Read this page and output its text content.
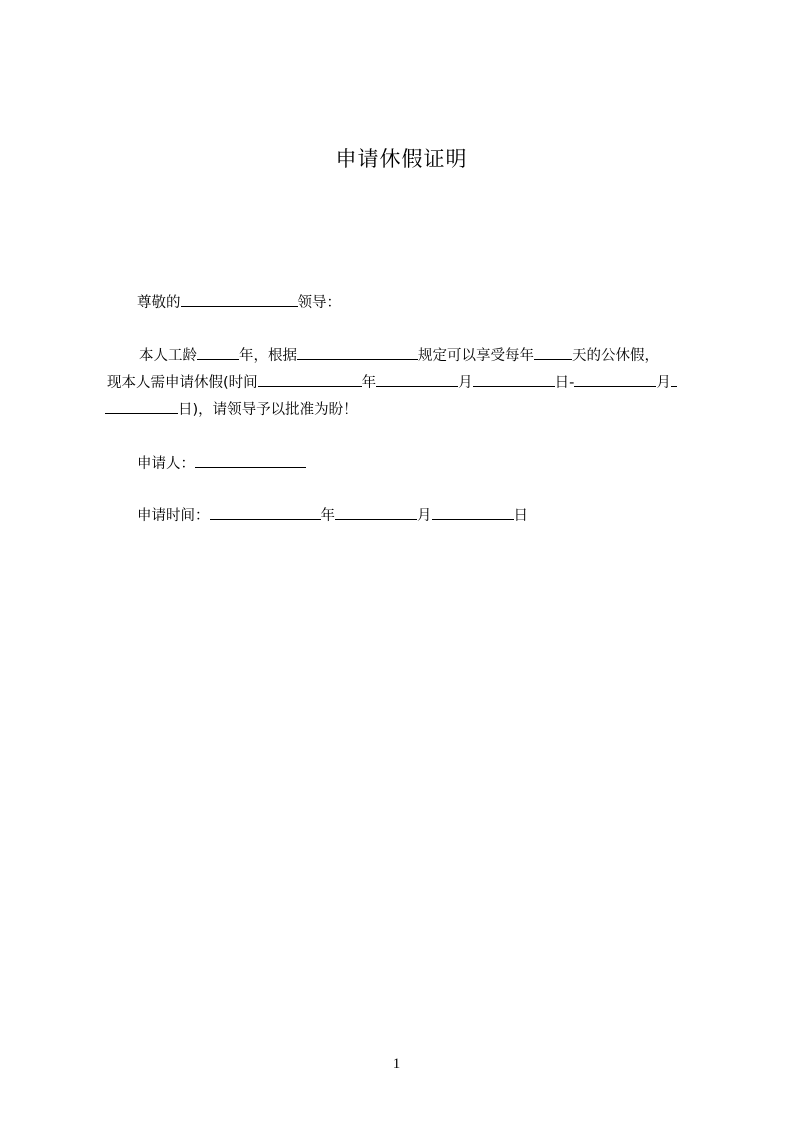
申请休假证明
尊敬的	领导：
本人工龄	年，根据	规定可以享受每年	天的公休假，
现本人需申请休假(时间	年	月	日-	月
日)，请领导予以批准为盼！
申请人：
申请时间：	年	月	日
1
